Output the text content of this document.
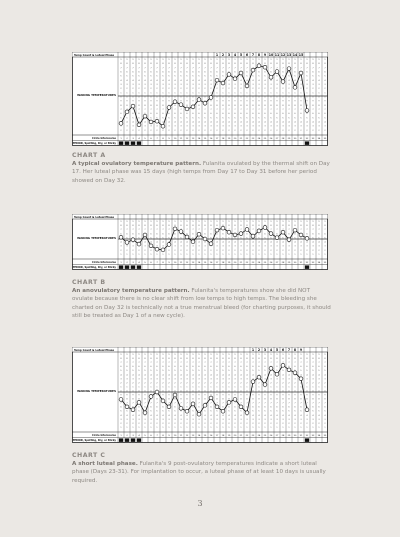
Temp Count & Luteal Phase
WAKING TEMPERATURES
Circle Intercourse
PERIOD, Spotting, Dry, or Sticky
9
8
7
6
5
4
3
2
1
0
9
8
7
6
5
3
2
1
9
8
7
6
5
4
3
2
1
0
9
8
6
5
4
3
2
2
9
8
7
6
5
4
3
2
1
0
9
7
6
5
4
3
2
3
9
8
7
6
5
4
3
2
1
0
9
8
7
6
5
4
2
4
9
8
7
6
5
4
3
2
1
0
9
8
7
4
3
2
5
9
8
7
6
5
4
3
2
1
0
9
8
7
6
5
3
2
6
9
8
7
6
5
4
3
2
1
0
9
8
7
6
5
3
2
7
9
8
7
6
5
4
3
2
1
0
9
8
7
6
5
4
2
8
9
8
7
6
5
4
3
2
1
0
9
7
6
5
4
3
2
9
9
8
7
6
5
4
3
2
1
0
8
7
6
5
4
3
2
10
9
8
7
6
5
4
3
2
1
0
9
7
6
5
4
3
2
11
9
8
7
6
5
4
3
2
1
0
9
8
6
5
4
3
2
12
9
8
7
6
5
4
3
2
1
0
9
7
6
5
4
3
2
13
9
8
7
6
5
4
3
2
1
8
7
6
5
4
3
2
14
9
8
7
6
5
4
3
2
1
0
8
7
6
5
4
3
2
15
9
8
7
6
5
4
3
2
1
9
8
7
6
5
4
3
2
16
9
8
7
6
5
3
2
1
0
9
8
7
6
5
4
3
2
17
9
8
7
6
5
4
2
1
0
9
8
7
6
5
4
3
2
18
9
8
7
5
4
3
2
1
0
9
8
7
6
5
4
3
2
19
9
8
7
6
3
2
1
0
9
8
7
6
5
4
3
2
20
9
8
7
5
4
3
2
1
0
9
8
7
6
5
4
3
2
21
9
8
7
6
5
4
2
1
0
9
8
7
6
5
4
3
2
22
9
8
6
5
4
3
2
1
0
9
8
7
6
5
4
3
2
23
9
7
6
5
4
3
2
1
0
9
8
7
6
5
4
3
2
24
9
8
6
5
4
3
2
1
0
9
8
7
6
5
4
3
2
25
9
8
7
6
4
3
2
1
0
9
8
7
6
5
4
3
2
26
9
8
7
5
4
3
2
1
0
9
8
7
6
5
4
3
2
27
9
8
7
6
5
3
2
1
0
9
8
7
6
5
4
3
2
28
9
8
6
5
4
3
2
1
0
9
8
7
6
5
4
3
2
29
9
8
7
6
5
4
3
1
0
9
8
7
6
5
4
3
2
30
9
8
7
5
4
3
2
1
0
9
8
7
6
5
4
3
2
31
9
8
7
6
5
4
3
2
1
0
9
8
6
5
4
3
2
32
9
8
7
6
5
4
3
2
1
0
9
8
7
6
5
4
3
2
33
9
8
7
6
5
4
3
2
1
0
9
8
7
6
5
4
3
2
34
9
8
7
6
5
4
3
2
1
0
9
8
7
6
5
4
3
2
35
1 2 3 4 5 6 7 8 9 10 11 12 13 14 15

CHART A

A typical ovulatory temperature pattern. Fulanita ovulated by the thermal shift on Day 17. Her luteal phase was 15 days (high temps from Day 17 to Day 31 before her period showed on Day 32.

Temp Count & Luteal Phase
WAKING TEMPERATURES
Circle Intercourse
PERIOD, Spotting, Dry, or Sticky
9
8
7
6
4
3
2
1
1
9
8
7
6
5
3
2
1
2
9
8
7
6
4
3
2
1
3
9
8
7
6
5
3
2
1
4
9
8
7
5
4
3
2
1
5
9
8
7
6
5
4
2
1
6
9
8
7
6
5
4
3
1
7
9
8
7
6
5
4
3
1
8
9
8
7
6
5
3
2
1
9
9
8
6
5
4
3
2
1
10
9
8
6
5
4
3
2
1
11
9
8
7
6
4
3
2
1
12
9
8
7
6
5
3
2
1
13
9
8
7
5
4
3
2
1
14
9
8
7
6
4
3
2
1
15
9
8
7
6
5
3
2
1
16
9
8
6
5
4
3
2
1
17
9
6
5
4
3
2
1
18
9
8
5
4
3
2
1
19
9
8
7
5
4
3
2
1
20
9
8
7
5
4
3
2
1
21
9
8
6
5
4
3
2
1
22
9
8
7
4
3
2
1
23
9
8
6
5
4
3
2
1
24
9
7
6
5
4
3
2
1
25
9
8
7
5
4
3
2
1
26
9
8
7
6
4
3
2
1
27
9
8
5
4
3
2
1
28
9
8
7
6
4
3
2
1
29
9
8
6
5
4
3
2
1
30
9
8
7
5
4
3
2
1
31
9
8
7
6
4
3
2
1
32
9
8
7
6
5
4
3
2
1
33
9
8
7
6
5
4
3
2
1
34
9
8
7
6
5
4
3
2
1
35

CHART B

An anovulatory temperature pattern. Fulanita's temperatures show she did NOT ovulate because there is no clear shift from low temps to high temps. The bleeding she charted on Day 32 is technically not a true menstrual bleed (for charting purposes, it should still be treated as Day 1 of a new cycle).

Temp Count & Luteal Phase
WAKING TEMPERATURES
Circle Intercourse
PERIOD, Spotting, Dry, or Sticky
9
8
7
6
5
4
3
2
1
0
9
7
6
5
4
3
2
1
1
9
8
7
6
5
4
3
2
1
0
9
8
7
5
4
3
2
1
2
9
8
7
6
5
4
3
2
1
0
9
8
7
4
3
2
1
3
9
8
7
6
5
4
3
2
1
0
9
8
6
5
4
3
2
1
4
9
8
7
6
5
4
3
2
1
0
9
8
7
6
4
3
2
1
5
9
8
7
6
5
4
3
2
1
0
8
7
6
5
4
3
2
1
6
9
8
7
6
5
4
3
2
1
9
8
7
6
5
4
3
2
1
7
9
8
7
6
5
4
3
2
1
0
9
7
6
5
4
3
2
1
8
9
8
7
6
5
4
3
2
1
0
9
8
7
5
4
3
2
1
9
9
8
7
6
5
4
3
2
1
0
8
7
6
5
4
3
2
1
10
9
8
7
6
5
4
3
2
1
0
9
8
7
5
4
3
2
1
11
9
8
7
6
5
4
3
2
1
0
9
8
7
6
4
3
2
1
12
9
8
7
6
5
4
3
2
1
0
9
8
6
5
4
3
2
1
13
9
8
7
6
5
4
3
2
1
0
9
8
7
6
5
3
2
1
14
9
8
7
6
5
4
3
2
1
0
9
8
6
5
4
3
2
1
15
9
8
7
6
5
4
3
2
1
0
9
7
6
5
4
3
2
1
16
9
8
7
6
5
4
3
2
1
0
9
8
7
5
4
3
2
1
17
9
8
7
6
5
4
3
2
1
0
9
8
7
6
4
3
2
1
18
9
8
7
6
5
4
3
2
1
0
9
8
6
5
4
3
2
1
19
9
8
7
6
5
4
3
2
1
0
9
7
6
5
4
3
2
1
20
9
8
7
6
5
4
3
2
1
0
9
8
7
5
4
3
2
1
21
9
8
7
6
5
4
3
2
1
0
9
8
7
6
4
3
2
1
22
9
8
7
6
5
4
3
1
0
9
8
7
6
5
4
3
2
1
23
9
8
7
6
5
2
1
0
9
8
7
6
5
4
3
2
1
24
9
8
7
6
5
4
3
1
0
9
8
7
6
5
4
3
2
1
25
9
8
7
5
4
3
2
1
0
9
8
7
6
5
4
3
2
1
26
9
8
7
6
5
3
2
1
0
9
8
7
6
5
4
3
2
1
27
9
8
7
5
4
3
2
1
0
9
8
7
6
5
4
3
2
1
28
9
8
7
6
4
3
2
1
0
9
8
7
6
5
4
3
2
1
29
9
8
7
6
4
3
2
1
0
9
8
7
6
5
4
3
2
1
30
9
8
7
6
5
4
2
1
0
9
8
7
6
5
4
3
2
1
31
9
8
7
6
5
4
3
2
1
0
9
8
7
4
3
2
1
32
9
8
7
6
5
4
3
2
1
0
9
8
7
6
5
4
3
2
1
33
9
8
7
6
5
4
3
2
1
0
9
8
7
6
5
4
3
2
1
34
9
8
7
6
5
4
3
2
1
0
9
8
7
6
5
4
3
2
1
35
1 2 3 4 5 6 7 8 9

CHART C

A short luteal phase. Fulanita's 9 post-ovulatory temperatures indicate a short luteal phase (Days 23-31). For implantation to occur, a luteal phase of at least 10 days is usually required.

3
